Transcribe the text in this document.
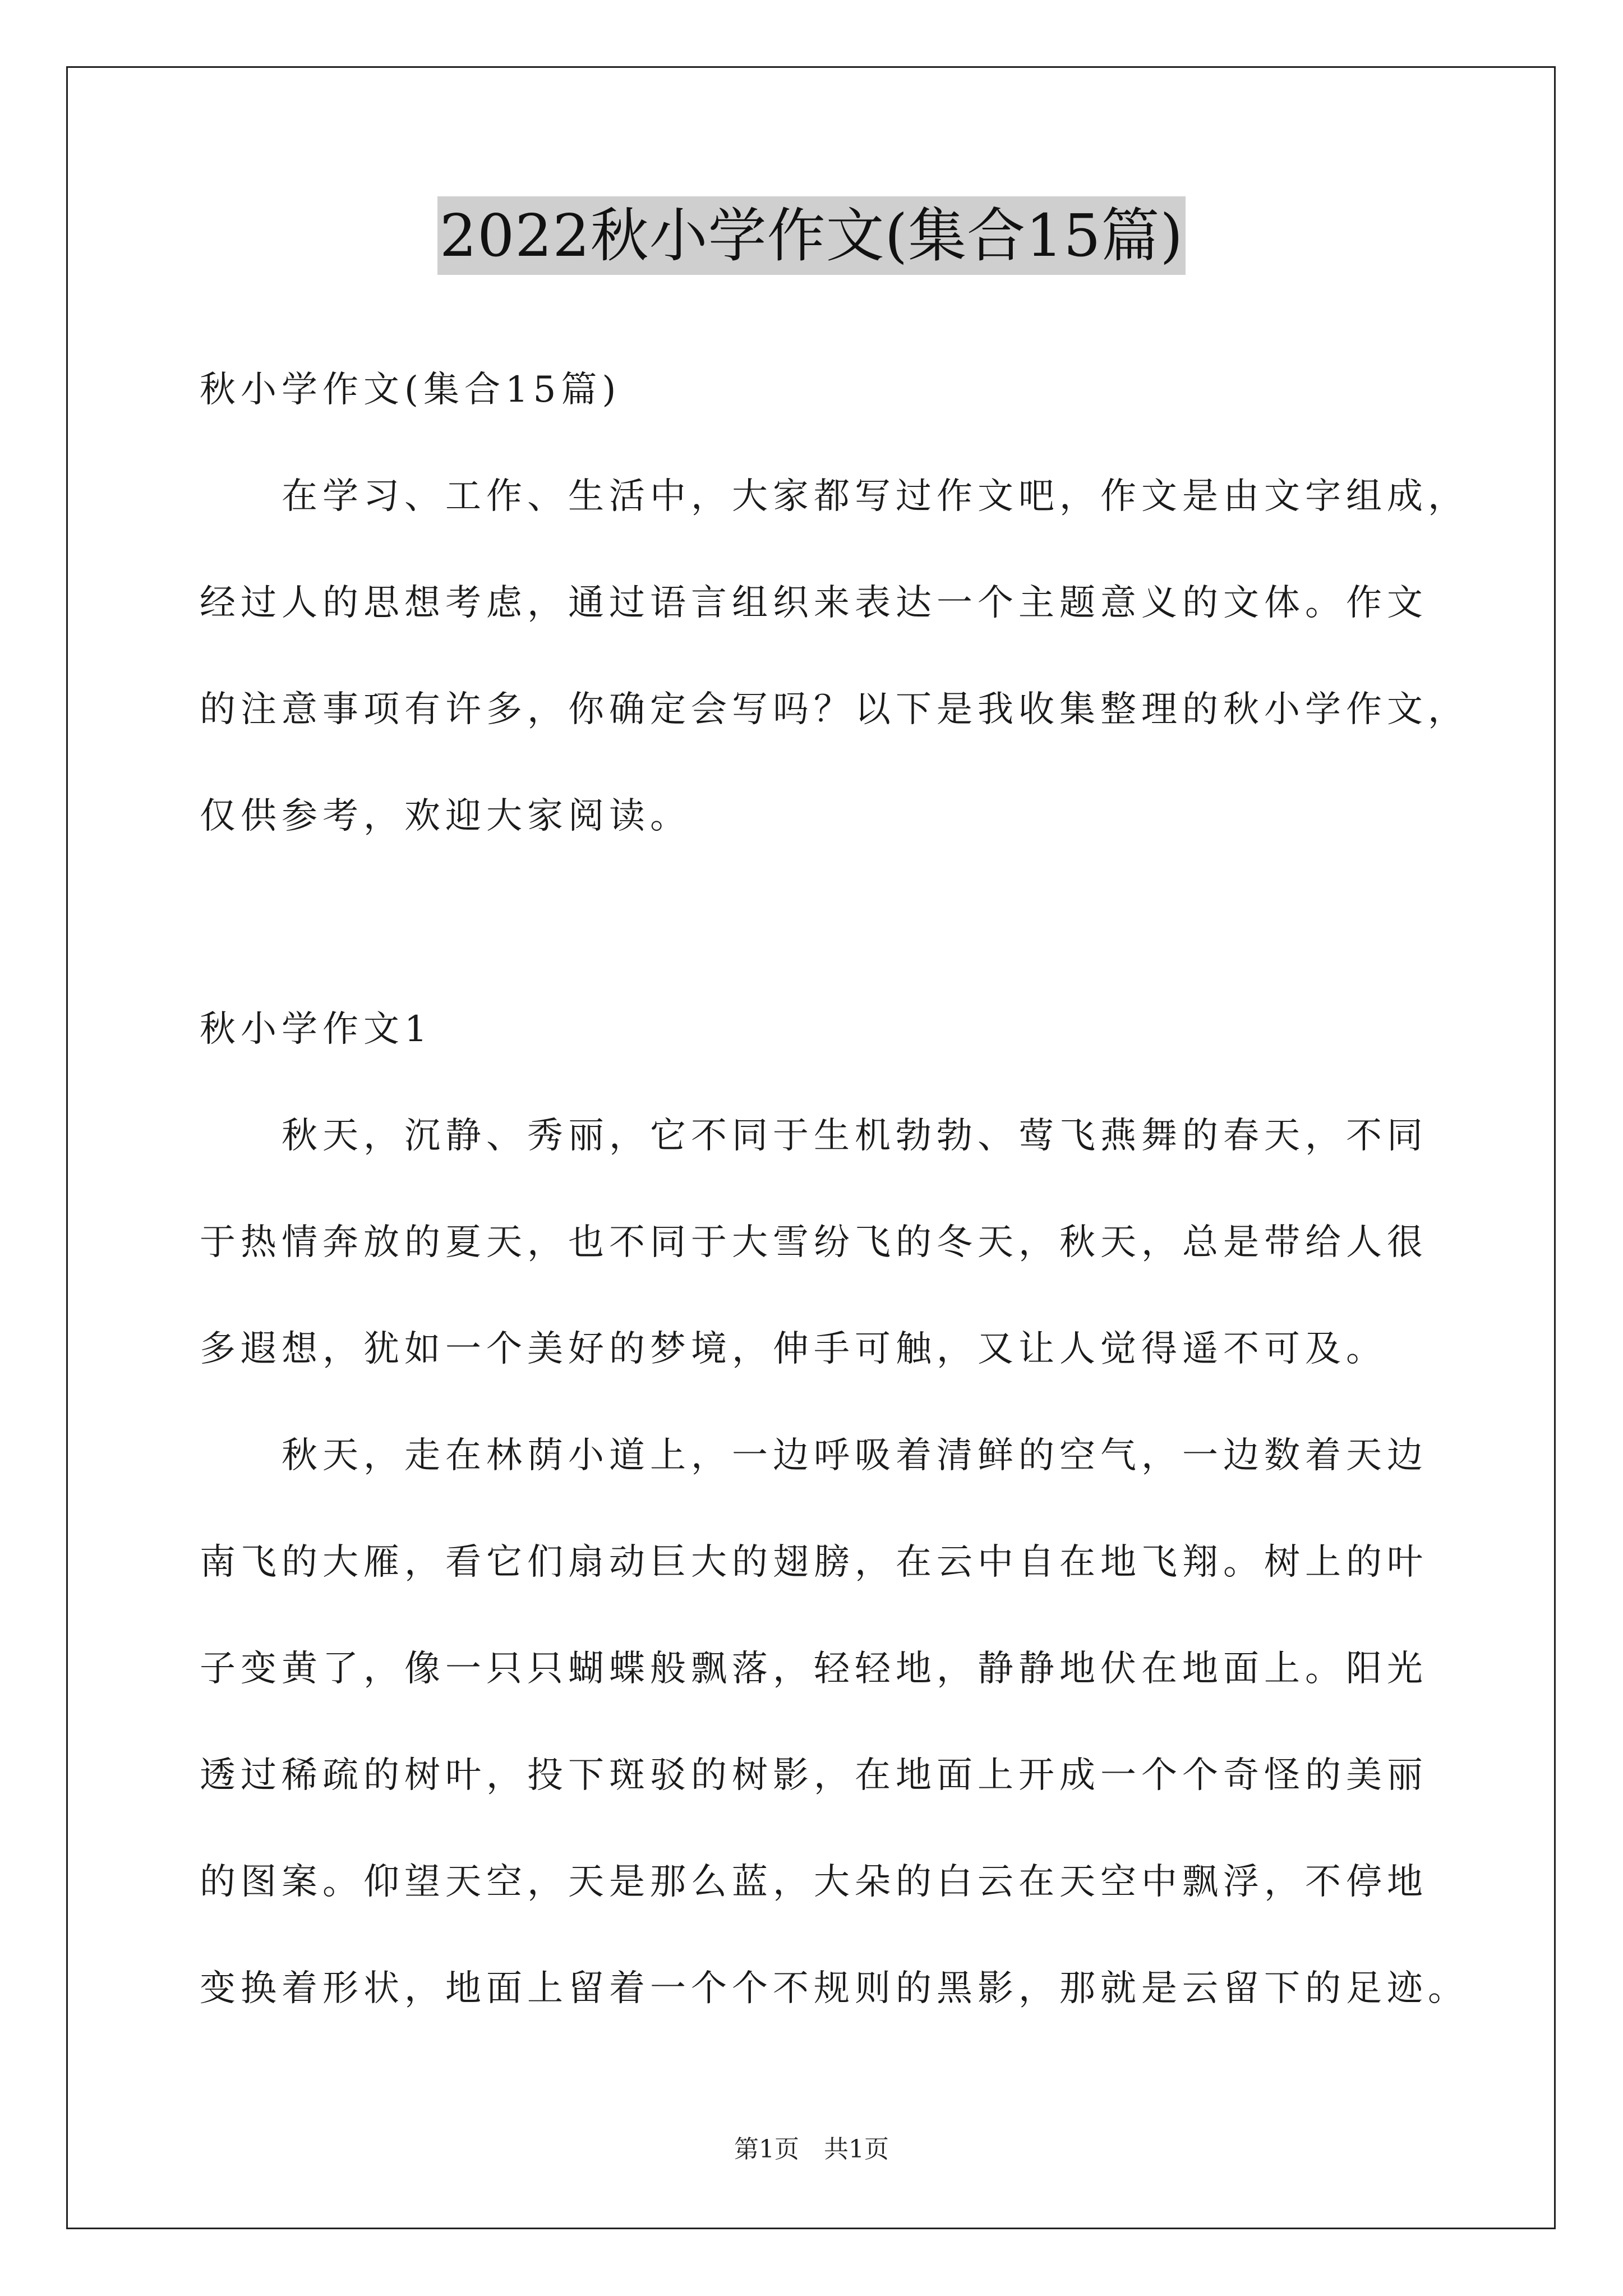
2022秋小学作文(集合15篇)
秋小学作文(集合15篇)
在学习、工作、生活中，大家都写过作文吧，作文是由文字组成，
经过人的思想考虑，通过语言组织来表达一个主题意义的文体。作文
的注意事项有许多，你确定会写吗？以下是我收集整理的秋小学作文，
仅供参考，欢迎大家阅读。
秋小学作文1
秋天，沉静、秀丽，它不同于生机勃勃、莺飞燕舞的春天，不同
于热情奔放的夏天，也不同于大雪纷飞的冬天，秋天，总是带给人很
多遐想，犹如一个美好的梦境，伸手可触，又让人觉得遥不可及。
秋天，走在林荫小道上，一边呼吸着清鲜的空气，一边数着天边
南飞的大雁，看它们扇动巨大的翅膀，在云中自在地飞翔。树上的叶
子变黄了，像一只只蝴蝶般飘落，轻轻地，静静地伏在地面上。阳光
透过稀疏的树叶，投下斑驳的树影，在地面上开成一个个奇怪的美丽
的图案。仰望天空，天是那么蓝，大朵的白云在天空中飘浮，不停地
变换着形状，地面上留着一个个不规则的黑影，那就是云留下的足迹。
第1页 共1页
